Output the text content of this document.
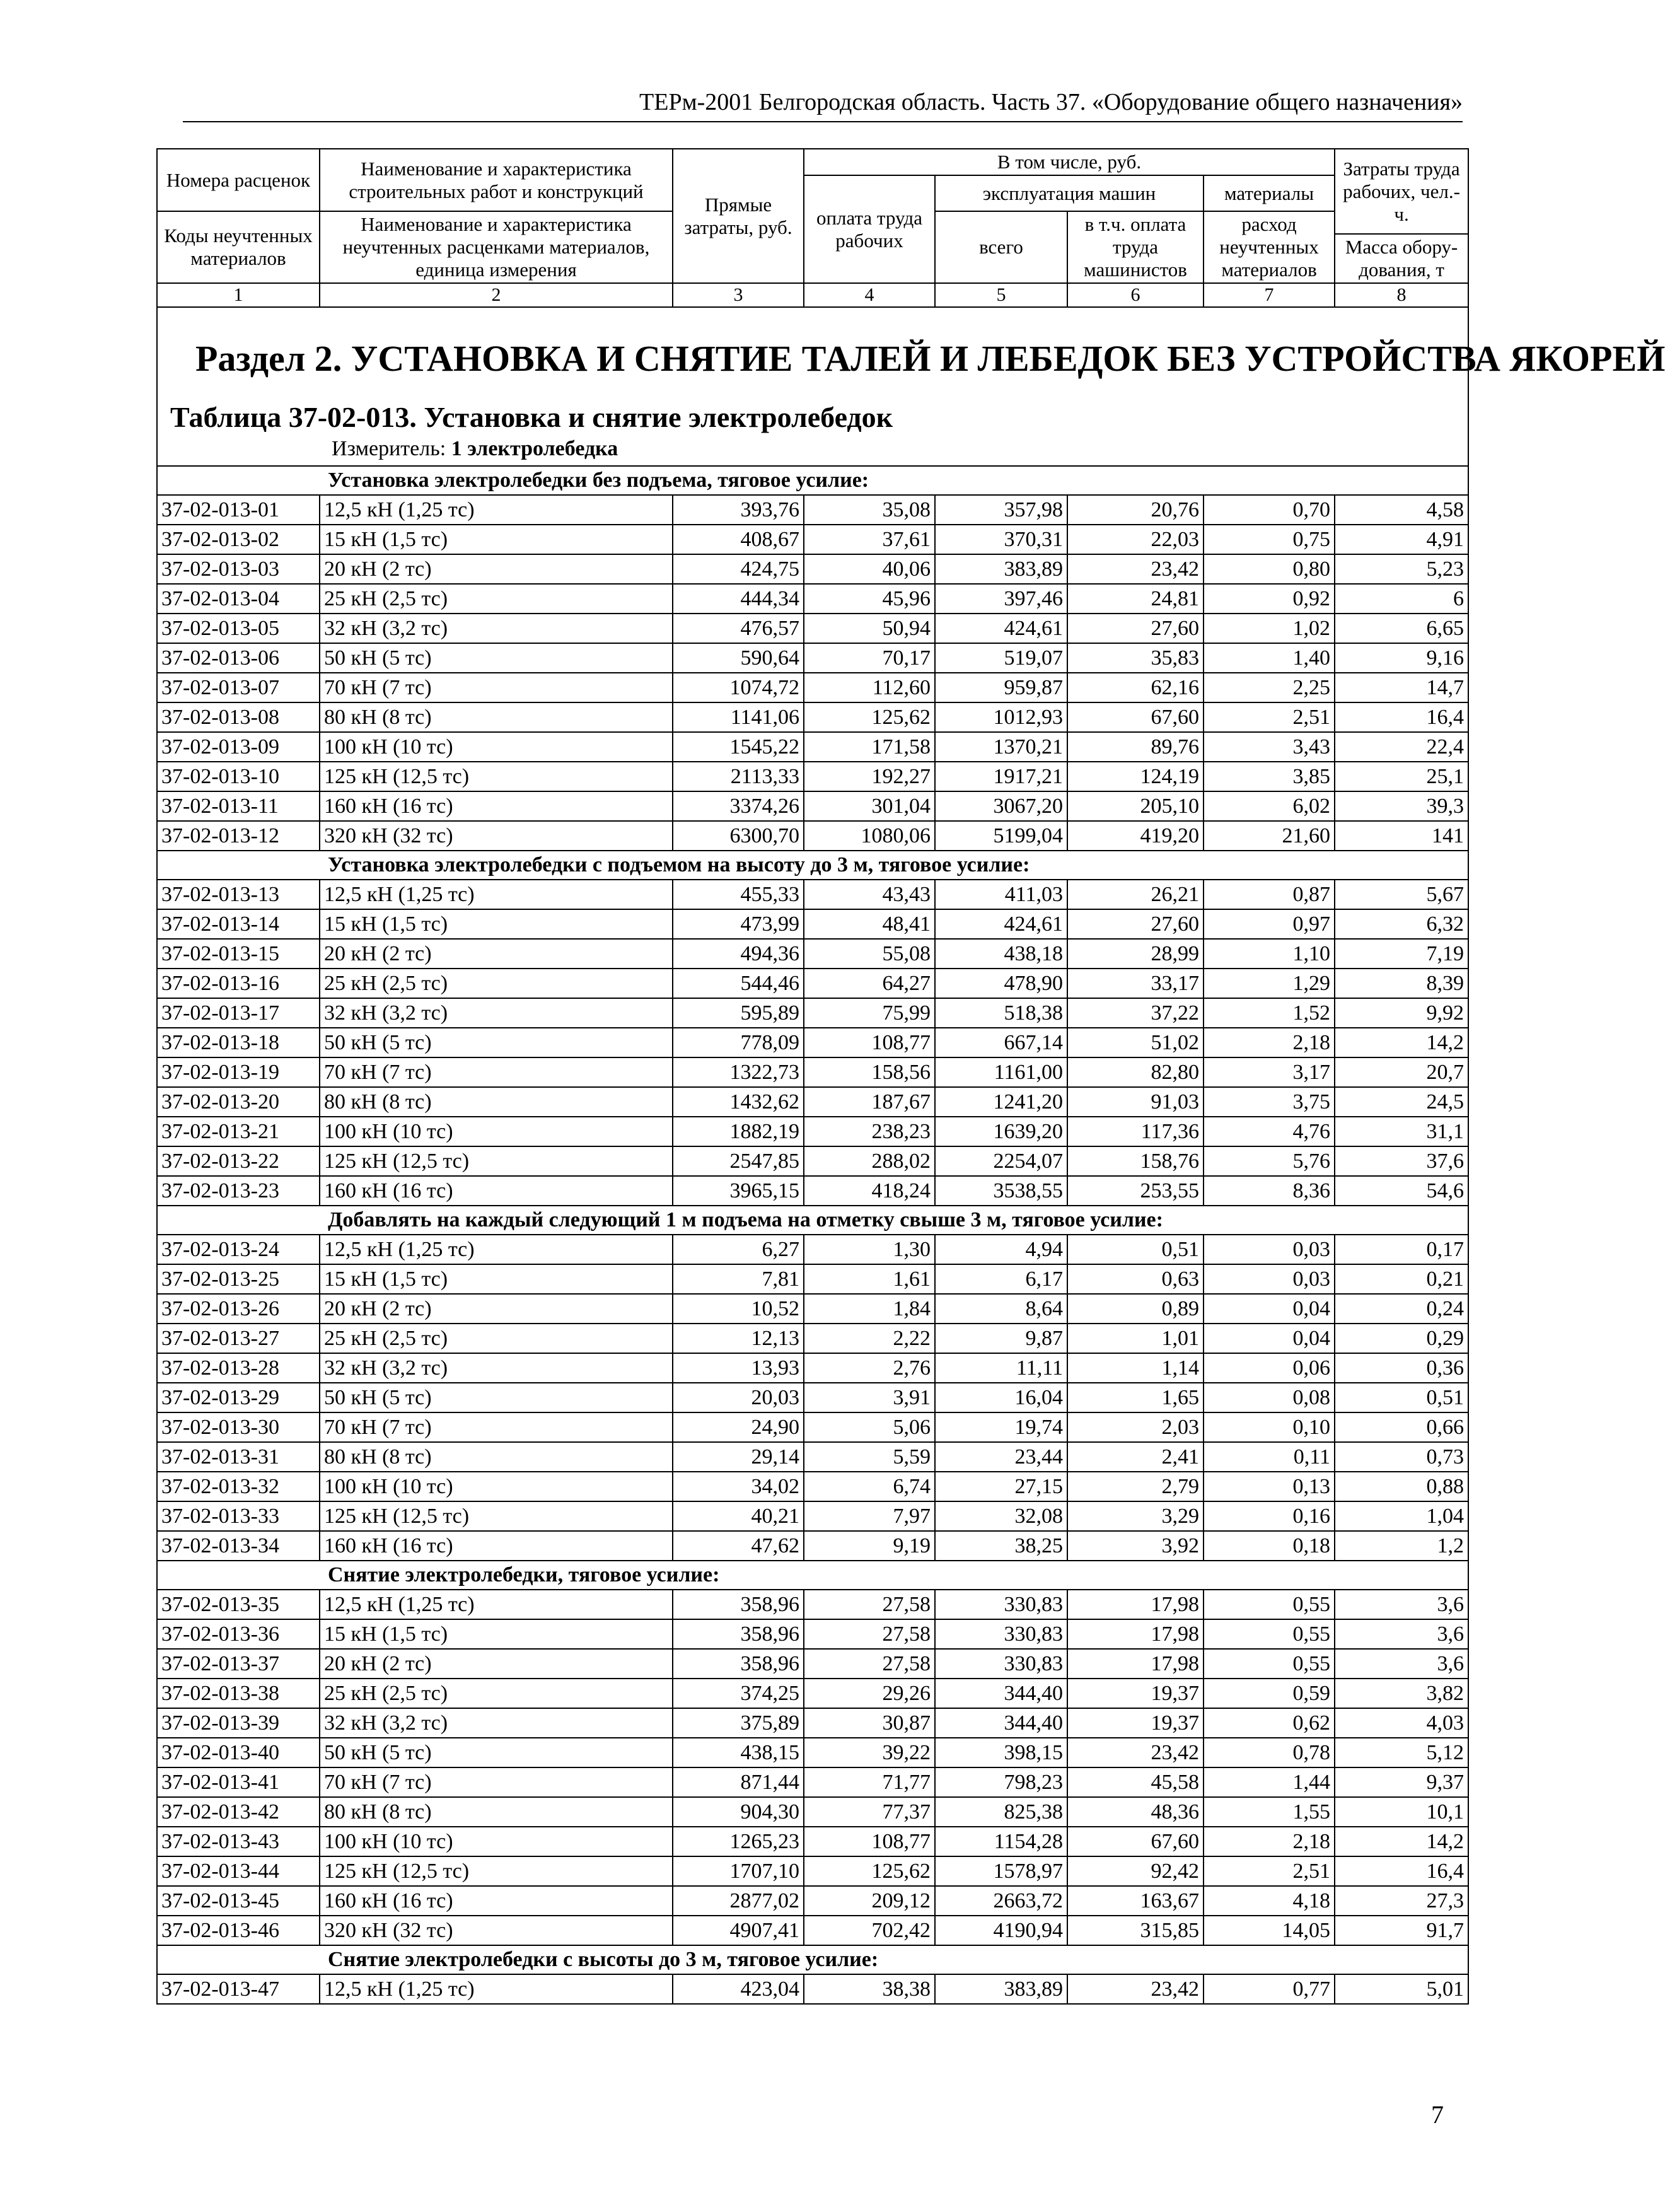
ТЕРм-2001 Белгородская область. Часть 37. «Оборудование общего назначения»
Номера расценок	Наименование и характеристика строительных работ и конструкций	Прямые затраты, руб.	В том числе, руб.				Затраты труда рабочих, чел.-ч.
			оплата труда рабочих	эксплуатация машин		материалы	
Коды неучтенных материалов	Наименование и характеристика неучтенных расценками материалов, единица измерения			всего	в т.ч. оплата труда машинистов	расход неучтенных материалов	
							Масса обору-дования, т
1	2	3	4	5	6	7	8

Раздел 2. УСТАНОВКА И СНЯТИЕ ТАЛЕЙ И ЛЕБЕДОК БЕЗ УСТРОЙСТВА ЯКОРЕЙ
Таблица 37-02-013. Установка и снятие электролебедок
Измеритель: 1 электролебедка							

Установка электролебедки без подъема, тяговое усилие:							
37-02-013-01	12,5 кН (1,25 тс)	393,76	35,08	357,98	20,76	0,70	4,58
37-02-013-02	15 кН (1,5 тс)	408,67	37,61	370,31	22,03	0,75	4,91
37-02-013-03	20 кН (2 тс)	424,75	40,06	383,89	23,42	0,80	5,23
37-02-013-04	25 кН (2,5 тс)	444,34	45,96	397,46	24,81	0,92	6
37-02-013-05	32 кН (3,2 тс)	476,57	50,94	424,61	27,60	1,02	6,65
37-02-013-06	50 кН (5 тс)	590,64	70,17	519,07	35,83	1,40	9,16
37-02-013-07	70 кН (7 тс)	1074,72	112,60	959,87	62,16	2,25	14,7
37-02-013-08	80 кН (8 тс)	1141,06	125,62	1012,93	67,60	2,51	16,4
37-02-013-09	100 кН (10 тс)	1545,22	171,58	1370,21	89,76	3,43	22,4
37-02-013-10	125 кН (12,5 тс)	2113,33	192,27	1917,21	124,19	3,85	25,1
37-02-013-11	160 кН (16 тс)	3374,26	301,04	3067,20	205,10	6,02	39,3
37-02-013-12	320 кН (32 тс)	6300,70	1080,06	5199,04	419,20	21,60	141
Установка электролебедки с подъемом на высоту до 3 м, тяговое усилие:							
37-02-013-13	12,5 кН (1,25 тс)	455,33	43,43	411,03	26,21	0,87	5,67
37-02-013-14	15 кН (1,5 тс)	473,99	48,41	424,61	27,60	0,97	6,32
37-02-013-15	20 кН (2 тс)	494,36	55,08	438,18	28,99	1,10	7,19
37-02-013-16	25 кН (2,5 тс)	544,46	64,27	478,90	33,17	1,29	8,39
37-02-013-17	32 кН (3,2 тс)	595,89	75,99	518,38	37,22	1,52	9,92
37-02-013-18	50 кН (5 тс)	778,09	108,77	667,14	51,02	2,18	14,2
37-02-013-19	70 кН (7 тс)	1322,73	158,56	1161,00	82,80	3,17	20,7
37-02-013-20	80 кН (8 тс)	1432,62	187,67	1241,20	91,03	3,75	24,5
37-02-013-21	100 кН (10 тс)	1882,19	238,23	1639,20	117,36	4,76	31,1
37-02-013-22	125 кН (12,5 тс)	2547,85	288,02	2254,07	158,76	5,76	37,6
37-02-013-23	160 кН (16 тс)	3965,15	418,24	3538,55	253,55	8,36	54,6
Добавлять на каждый следующий 1 м подъема на отметку свыше 3 м, тяговое усилие:							
37-02-013-24	12,5 кН (1,25 тс)	6,27	1,30	4,94	0,51	0,03	0,17
37-02-013-25	15 кН (1,5 тс)	7,81	1,61	6,17	0,63	0,03	0,21
37-02-013-26	20 кН (2 тс)	10,52	1,84	8,64	0,89	0,04	0,24
37-02-013-27	25 кН (2,5 тс)	12,13	2,22	9,87	1,01	0,04	0,29
37-02-013-28	32 кН (3,2 тс)	13,93	2,76	11,11	1,14	0,06	0,36
37-02-013-29	50 кН (5 тс)	20,03	3,91	16,04	1,65	0,08	0,51
37-02-013-30	70 кН (7 тс)	24,90	5,06	19,74	2,03	0,10	0,66
37-02-013-31	80 кН (8 тс)	29,14	5,59	23,44	2,41	0,11	0,73
37-02-013-32	100 кН (10 тс)	34,02	6,74	27,15	2,79	0,13	0,88
37-02-013-33	125 кН (12,5 тс)	40,21	7,97	32,08	3,29	0,16	1,04
37-02-013-34	160 кН (16 тс)	47,62	9,19	38,25	3,92	0,18	1,2
Снятие электролебедки, тяговое усилие:							
37-02-013-35	12,5 кН (1,25 тс)	358,96	27,58	330,83	17,98	0,55	3,6
37-02-013-36	15 кН (1,5 тс)	358,96	27,58	330,83	17,98	0,55	3,6
37-02-013-37	20 кН (2 тс)	358,96	27,58	330,83	17,98	0,55	3,6
37-02-013-38	25 кН (2,5 тс)	374,25	29,26	344,40	19,37	0,59	3,82
37-02-013-39	32 кН (3,2 тс)	375,89	30,87	344,40	19,37	0,62	4,03
37-02-013-40	50 кН (5 тс)	438,15	39,22	398,15	23,42	0,78	5,12
37-02-013-41	70 кН (7 тс)	871,44	71,77	798,23	45,58	1,44	9,37
37-02-013-42	80 кН (8 тс)	904,30	77,37	825,38	48,36	1,55	10,1
37-02-013-43	100 кН (10 тс)	1265,23	108,77	1154,28	67,60	2,18	14,2
37-02-013-44	125 кН (12,5 тс)	1707,10	125,62	1578,97	92,42	2,51	16,4
37-02-013-45	160 кН (16 тс)	2877,02	209,12	2663,72	163,67	4,18	27,3
37-02-013-46	320 кН (32 тс)	4907,41	702,42	4190,94	315,85	14,05	91,7
Снятие электролебедки с высоты до 3 м, тяговое усилие:							
37-02-013-47	12,5 кН (1,25 тс)	423,04	38,38	383,89	23,42	0,77	5,01
7
